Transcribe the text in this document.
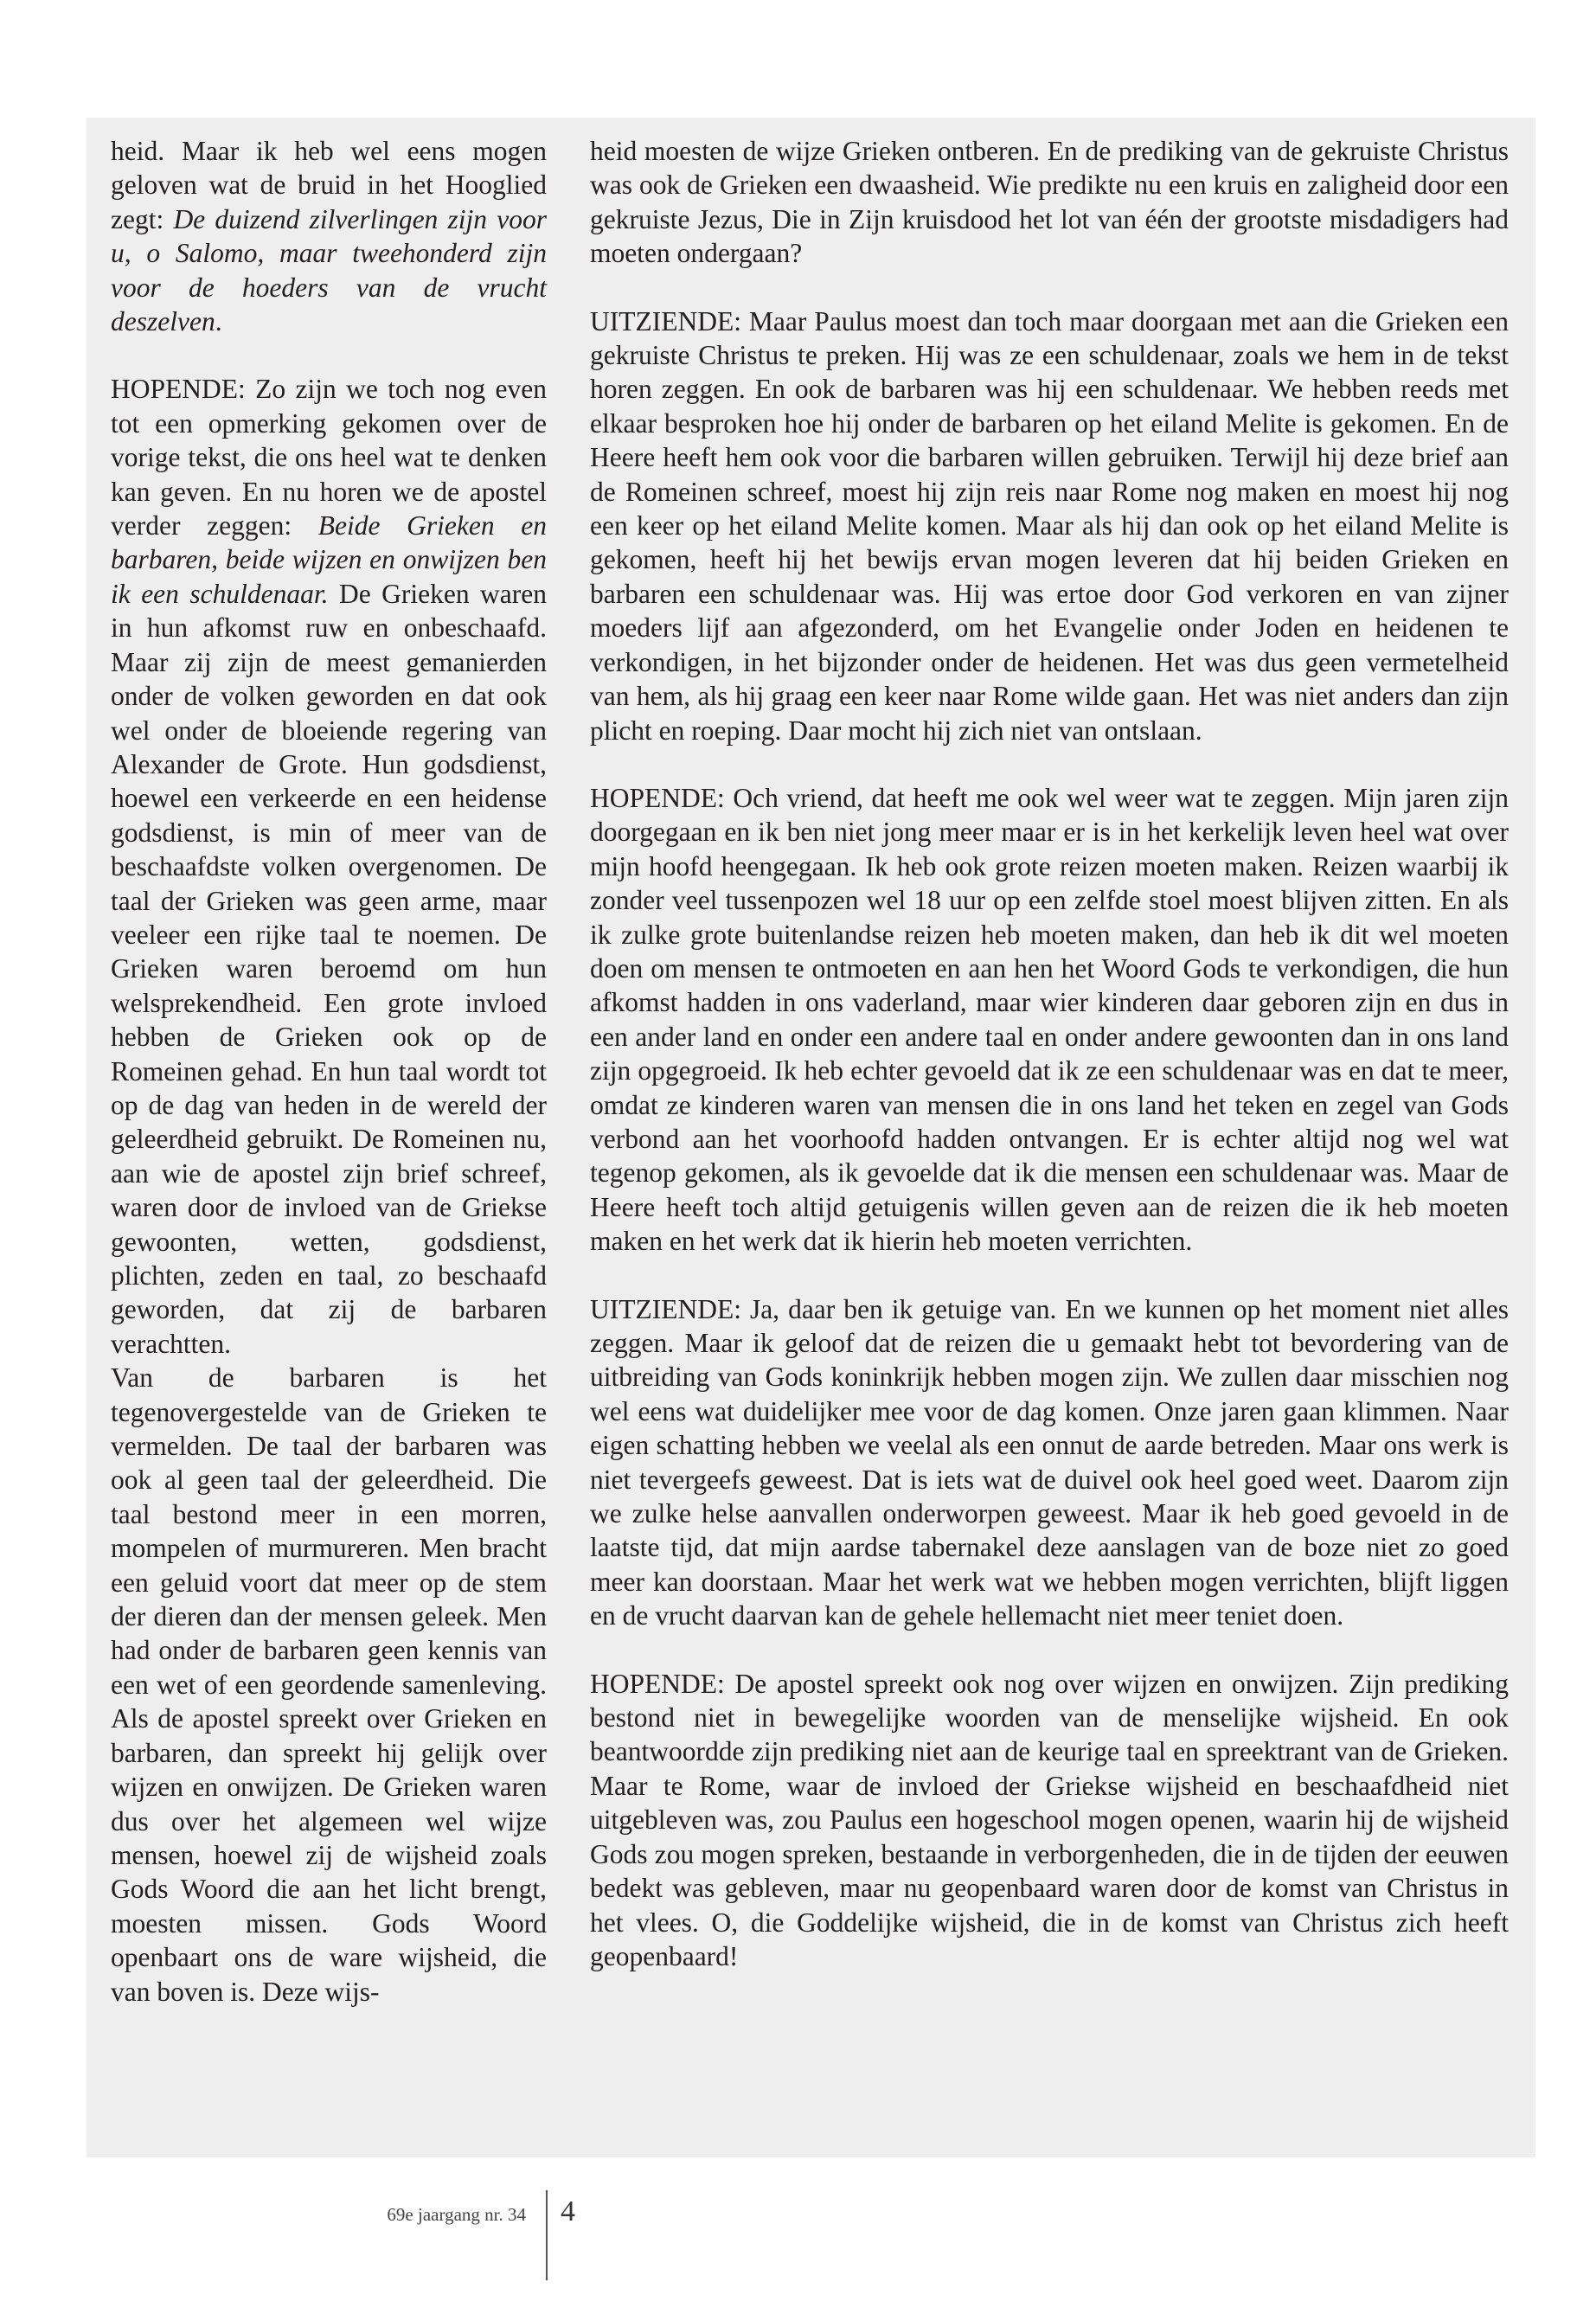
heid. Maar ik heb wel eens mogen geloven wat de bruid in het Hooglied zegt: De duizend zilverlingen zijn voor u, o Salomo, maar tweehonderd zijn voor de hoeders van de vrucht deszelven.

HOPENDE: Zo zijn we toch nog even tot een opmerking gekomen over de vorige tekst, die ons heel wat te denken kan geven. En nu horen we de apostel verder zeggen: Beide Grieken en barbaren, beide wijzen en onwijzen ben ik een schuldenaar. De Grieken waren in hun afkomst ruw en onbeschaafd. Maar zij zijn de meest gemanierden onder de volken geworden en dat ook wel onder de bloeiende regering van Alexander de Grote. Hun godsdienst, hoewel een verkeerde en een heidense godsdienst, is min of meer van de beschaafdste volken overgenomen. De taal der Grieken was geen arme, maar veeleer een rijke taal te noemen. De Grieken waren beroemd om hun welsprekendheid. Een grote invloed hebben de Grieken ook op de Romeinen gehad. En hun taal wordt tot op de dag van heden in de wereld der geleerdheid gebruikt. De Romeinen nu, aan wie de apostel zijn brief schreef, waren door de invloed van de Griekse gewoonten, wetten, godsdienst, plichten, zeden en taal, zo beschaafd geworden, dat zij de barbaren verachtten.

Van de barbaren is het tegenovergestelde van de Grieken te vermelden. De taal der barbaren was ook al geen taal der geleerdheid. Die taal bestond meer in een morren, mompelen of murmureren. Men bracht een geluid voort dat meer op de stem der dieren dan der mensen geleek. Men had onder de barbaren geen kennis van een wet of een geordende samenleving. Als de apostel spreekt over Grieken en barbaren, dan spreekt hij gelijk over wijzen en onwijzen. De Grieken waren dus over het algemeen wel wijze mensen, hoewel zij de wijsheid zoals Gods Woord die aan het licht brengt, moesten missen. Gods Woord openbaart ons de ware wijsheid, die van boven is. Deze wijs-

heid moesten de wijze Grieken ontberen. En de prediking van de gekruiste Christus was ook de Grieken een dwaasheid. Wie predikte nu een kruis en zaligheid door een gekruiste Jezus, Die in Zijn kruisdood het lot van één der grootste misdadigers had moeten ondergaan?

UITZIENDE: Maar Paulus moest dan toch maar doorgaan met aan die Grieken een gekruiste Christus te preken. Hij was ze een schuldenaar, zoals we hem in de tekst horen zeggen. En ook de barbaren was hij een schuldenaar. We hebben reeds met elkaar besproken hoe hij onder de barbaren op het eiland Melite is gekomen. En de Heere heeft hem ook voor die barbaren willen gebruiken. Terwijl hij deze brief aan de Romeinen schreef, moest hij zijn reis naar Rome nog maken en moest hij nog een keer op het eiland Melite komen. Maar als hij dan ook op het eiland Melite is gekomen, heeft hij het bewijs ervan mogen leveren dat hij beiden Grieken en barbaren een schuldenaar was. Hij was ertoe door God verkoren en van zijner moeders lijf aan afgezonderd, om het Evangelie onder Joden en heidenen te verkondigen, in het bijzonder onder de heidenen. Het was dus geen vermetelheid van hem, als hij graag een keer naar Rome wilde gaan. Het was niet anders dan zijn plicht en roeping. Daar mocht hij zich niet van ontslaan.

HOPENDE: Och vriend, dat heeft me ook wel weer wat te zeggen. Mijn jaren zijn doorgegaan en ik ben niet jong meer maar er is in het kerkelijk leven heel wat over mijn hoofd heengegaan. Ik heb ook grote reizen moeten maken. Reizen waarbij ik zonder veel tussenpozen wel 18 uur op een zelfde stoel moest blijven zitten. En als ik zulke grote buitenlandse reizen heb moeten maken, dan heb ik dit wel moeten doen om mensen te ontmoeten en aan hen het Woord Gods te verkondigen, die hun afkomst hadden in ons vaderland, maar wier kinderen daar geboren zijn en dus in een ander land en onder een andere taal en onder andere gewoonten dan in ons land zijn opgegroeid. Ik heb echter gevoeld dat ik ze een schuldenaar was en dat te meer, omdat ze kinderen waren van mensen die in ons land het teken en zegel van Gods verbond aan het voorhoofd hadden ontvangen. Er is echter altijd nog wel wat tegenop gekomen, als ik gevoelde dat ik die mensen een schuldenaar was. Maar de Heere heeft toch altijd getuigenis willen geven aan de reizen die ik heb moeten maken en het werk dat ik hierin heb moeten verrichten.

UITZIENDE: Ja, daar ben ik getuige van. En we kunnen op het moment niet alles zeggen. Maar ik geloof dat de reizen die u gemaakt hebt tot bevordering van de uitbreiding van Gods koninkrijk hebben mogen zijn. We zullen daar misschien nog wel eens wat duidelijker mee voor de dag komen. Onze jaren gaan klimmen. Naar eigen schatting hebben we veelal als een onnut de aarde betreden. Maar ons werk is niet tevergeefs geweest. Dat is iets wat de duivel ook heel goed weet. Daarom zijn we zulke helse aanvallen onderworpen geweest. Maar ik heb goed gevoeld in de laatste tijd, dat mijn aardse tabernakel deze aanslagen van de boze niet zo goed meer kan doorstaan. Maar het werk wat we hebben mogen verrichten, blijft liggen en de vrucht daarvan kan de gehele hellemacht niet meer teniet doen.

HOPENDE: De apostel spreekt ook nog over wijzen en onwijzen. Zijn prediking bestond niet in bewegelijke woorden van de menselijke wijsheid. En ook beantwoordde zijn prediking niet aan de keurige taal en spreektrant van de Grieken. Maar te Rome, waar de invloed der Griekse wijsheid en beschaafdheid niet uitgebleven was, zou Paulus een hogeschool mogen openen, waarin hij de wijsheid Gods zou mogen spreken, bestaande in verborgenheden, die in de tijden der eeuwen bedekt was gebleven, maar nu geopenbaard waren door de komst van Christus in het vlees. O, die Goddelijke wijsheid, die in de komst van Christus zich heeft geopenbaard!

69e jaargang nr. 34 4
